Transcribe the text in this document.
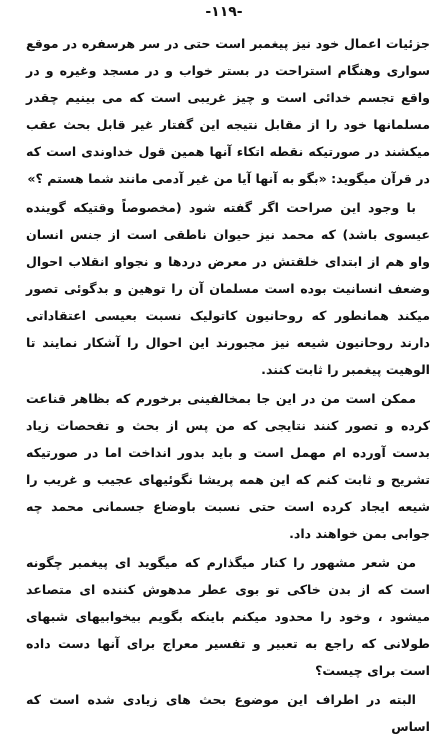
-۱۱۹-

جزئیات اعمال خود نیز پیغمبر است حتی در سر هرسفره در موقع سواری وهنگام استراحت در بستر خواب و در مسجد وغیره و در واقع تجسم خدائی است و چیز غریبی است که می بینیم چقدر مسلمانها خود را از مقابل نتیجه این گفتار غیر قابل بحث عقب میکشند در صورتیکه نقطه اتکاء آنها همین قول خداوندی است که در قرآن میگوید: «بگو به آنها آیا من غیر آدمی مانند شما هستم ؟»

با وجود این صراحت اگر گفته شود (مخصوصاً وقتیکه گوینده عیسوی باشد) که محمد نیز حیوان ناطقی است از جنس انسان واو هم از ابتدای خلقتش در معرض دردها و نجواو انقلاب احوال وضعف انسانیت بوده است مسلمان آن را توهین و بدگوئی تصور میکند همانطور که روحانیون کاتولیک نسبت بعیسی اعتقاداتی دارند روحانیون شیعه نیز مجبورند این احوال را آشکار نمایند تا الوهیت پیغمبر را ثابت کنند.

ممکن است من در این جا بمخالفینی برخورم که بظاهر قناعت کرده و تصور کنند نتایجی که من پس از بحث و تفحصات زیاد بدست آورده ام مهمل است و باید بدور انداخت اما در صورتیکه تشریح و ثابت کنم که این همه پریشا نگوئیهای عجیب و غریب را شیعه ایجاد کرده است حتی نسبت باوضاع جسمانی محمد چه جوابی بمن خواهند داد.

من شعر مشهور را کنار میگذارم که میگوید ای پیغمبر چگونه است که از بدن خاکی تو بوی عطر مدهوش کننده ای متصاعد میشود ، وخود را محدود میکنم باینکه بگویم بیخوابیهای شبهای طولانی که راجع به تعبیر و تفسیر معراج برای آنها دست داده است برای چیست؟

البته در اطراف این موضوع بحث های زیادی شده است که اساس
